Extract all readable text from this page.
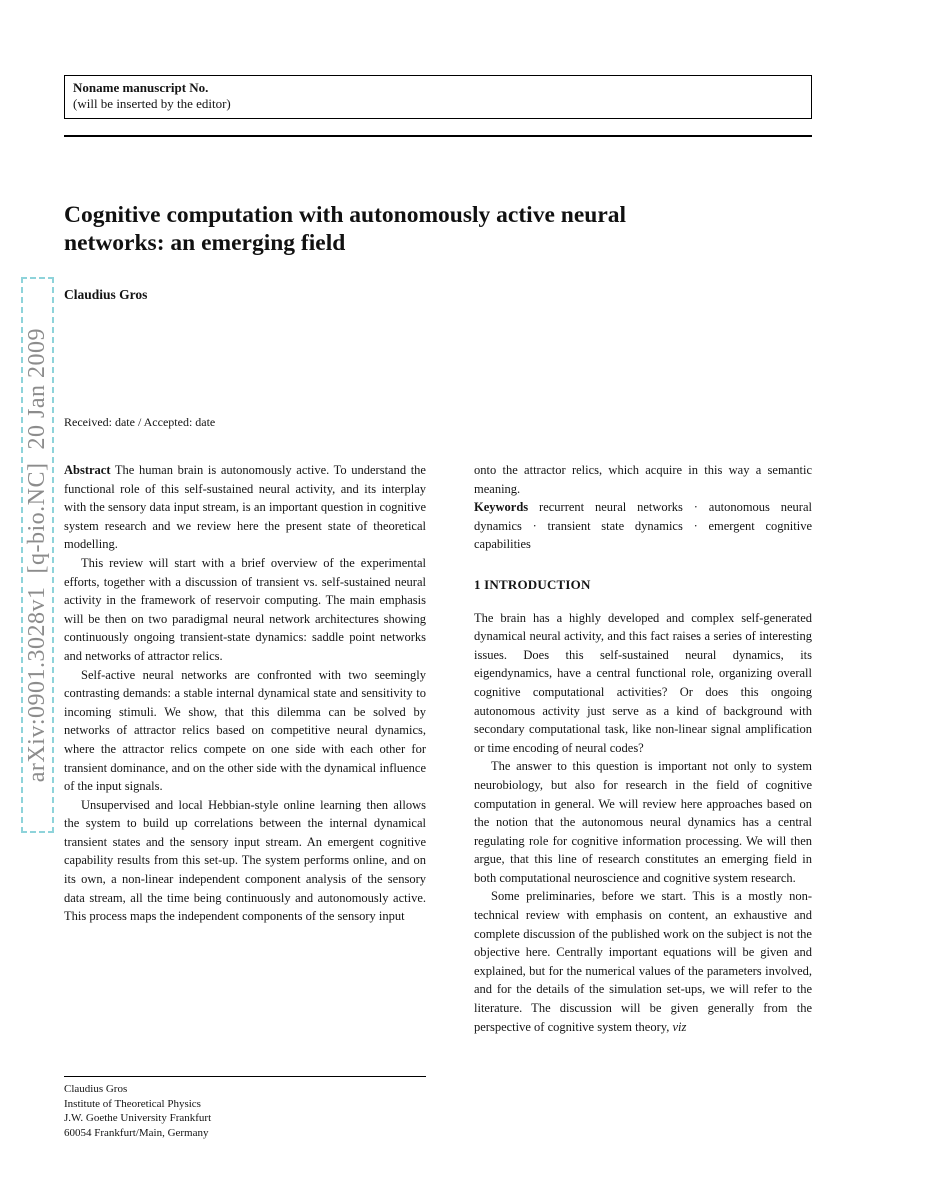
arXiv:0901.3028v1  [q-bio.NC]  20 Jan 2009
Noname manuscript No.
(will be inserted by the editor)
Cognitive computation with autonomously active neural
networks: an emerging field
Claudius Gros
Received: date / Accepted: date

Abstract The human brain is autonomously active. To understand the functional role of this self-sustained neural activity, and its interplay with the sensory data input stream, is an important question in cognitive system research and we review here the present state of theoretical modelling.

This review will start with a brief overview of the experimental efforts, together with a discussion of transient vs. self-sustained neural activity in the framework of reservoir computing. The main emphasis will be then on two paradigmal neural network architectures showing continuously ongoing transient-state dynamics: saddle point networks and networks of attractor relics.

Self-active neural networks are confronted with two seemingly contrasting demands: a stable internal dynamical state and sensitivity to incoming stimuli. We show, that this dilemma can be solved by networks of attractor relics based on competitive neural dynamics, where the attractor relics compete on one side with each other for transient dominance, and on the other side with the dynamical influence of the input signals.

Unsupervised and local Hebbian-style online learning then allows the system to build up correlations between the internal dynamical transient states and the sensory input stream. An emergent cognitive capability results from this set-up. The system performs online, and on its own, a non-linear independent component analysis of the sensory data stream, all the time being continuously and autonomously active. This process maps the independent components of the sensory input

onto the attractor relics, which acquire in this way a semantic meaning.

Keywords recurrent neural networks · autonomous neural dynamics · transient state dynamics · emergent cognitive capabilities

1 INTRODUCTION

The brain has a highly developed and complex self-generated dynamical neural activity, and this fact raises a series of interesting issues. Does this self-sustained neural dynamics, its eigendynamics, have a central functional role, organizing overall cognitive computational activities? Or does this ongoing autonomous activity just serve as a kind of background with secondary computational task, like non-linear signal amplification or time encoding of neural codes?

The answer to this question is important not only to system neurobiology, but also for research in the field of cognitive computation in general. We will review here approaches based on the notion that the autonomous neural dynamics has a central regulating role for cognitive information processing. We will then argue, that this line of research constitutes an emerging field in both computational neuroscience and cognitive system research.

Some preliminaries, before we start. This is a mostly non-technical review with emphasis on content, an exhaustive and complete discussion of the published work on the subject is not the objective here. Centrally important equations will be given and explained, but for the numerical values of the parameters involved, and for the details of the simulation set-ups, we will refer to the literature. The discussion will be given generally from the perspective of cognitive system theory, viz

Claudius Gros
Institute of Theoretical Physics
J.W. Goethe University Frankfurt
60054 Frankfurt/Main, Germany
